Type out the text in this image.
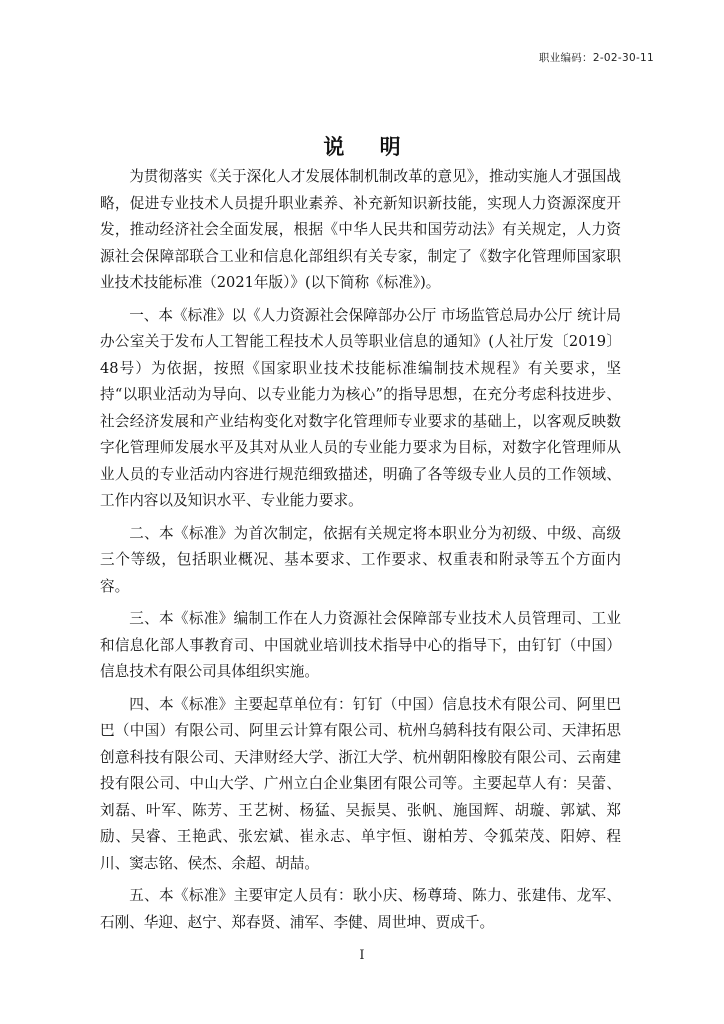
职业编码：2-02-30-11
说 明

为贯彻落实《关于深化人才发展体制机制改革的意见》，推动实施人才强国战略，促进专业技术人员提升职业素养、补充新知识新技能，实现人力资源深度开发，推动经济社会全面发展，根据《中华人民共和国劳动法》有关规定，人力资源社会保障部联合工业和信息化部组织有关专家，制定了《数字化管理师国家职业技术技能标准（2021年版）》(以下简称《标准》)。

一、本《标准》以《人力资源社会保障部办公厅 市场监管总局办公厅 统计局办公室关于发布人工智能工程技术人员等职业信息的通知》(人社厅发〔2019〕48号）为依据，按照《国家职业技术技能标准编制技术规程》有关要求，坚持“以职业活动为导向、以专业能力为核心”的指导思想，在充分考虑科技进步、社会经济发展和产业结构变化对数字化管理师专业要求的基础上，以客观反映数字化管理师发展水平及其对从业人员的专业能力要求为目标，对数字化管理师从业人员的专业活动内容进行规范细致描述，明确了各等级专业人员的工作领域、工作内容以及知识水平、专业能力要求。

二、本《标准》为首次制定，依据有关规定将本职业分为初级、中级、高级三个等级，包括职业概况、基本要求、工作要求、权重表和附录等五个方面内容。

三、本《标准》编制工作在人力资源社会保障部专业技术人员管理司、工业和信息化部人事教育司、中国就业培训技术指导中心的指导下，由钉钉（中国）信息技术有限公司具体组织实施。

四、本《标准》主要起草单位有：钉钉（中国）信息技术有限公司、阿里巴巴（中国）有限公司、阿里云计算有限公司、杭州乌鸫科技有限公司、天津拓思创意科技有限公司、天津财经大学、浙江大学、杭州朝阳橡胶有限公司、云南建投有限公司、中山大学、广州立白企业集团有限公司等。主要起草人有：吴蕾、刘磊、叶军、陈芳、王艺树、杨猛、吴振昊、张帆、施国辉、胡璇、郭斌、郑励、吴睿、王艳武、张宏斌、崔永志、单宇恒、谢柏芳、令狐荣茂、阳婷、程川、窦志铭、侯杰、余超、胡喆。

五、本《标准》主要审定人员有：耿小庆、杨尊琦、陈力、张建伟、龙军、石刚、华迎、赵宁、郑春贤、浦军、李健、周世坤、贾成千。

I
